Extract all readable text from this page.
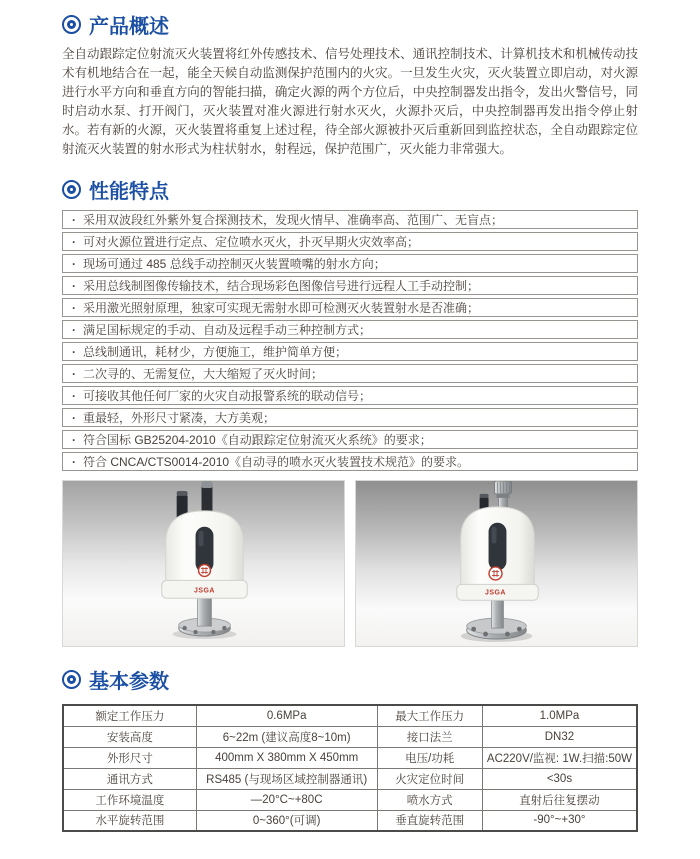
产品概述

全自动跟踪定位射流灭火装置将红外传感技术、信号处理技术、通讯控制技术、计算机技术和机械传动技术有机地结合在一起，能全天候自动监测保护范围内的火灾。一旦发生火灾，灭火装置立即启动，对火源进行水平方向和垂直方向的智能扫描，确定火源的两个方位后，中央控制器发出指令，发出火警信号，同时启动水泵、打开阀门，灭火装置对准火源进行射水灭火，火源扑灭后，中央控制器再发出指令停止射水。若有新的火源，灭火装置将重复上述过程，待全部火源被扑灭后重新回到监控状态，全自动跟踪定位射流灭火装置的射水形式为柱状射水，射程远，保护范围广，灭火能力非常强大。

性能特点
· 采用双波段红外紫外复合探测技术，发现火情早、准确率高、范围广、无盲点；
· 可对火源位置进行定点、定位喷水灭火，扑灭早期火灾效率高；
· 现场可通过 485 总线手动控制灭火装置喷嘴的射水方向；
· 采用总线制图像传输技术，结合现场彩色图像信号进行远程人工手动控制；
· 采用激光照射原理，独家可实现无需射水即可检测灭火装置射水是否准确；
· 满足国标规定的手动、自动及远程手动三种控制方式；
· 总线制通讯，耗材少，方便施工，维护简单方便；
· 二次寻的、无需复位，大大缩短了灭火时间；
· 可接收其他任何厂家的火灾自动报警系统的联动信号；
· 重最轻，外形尺寸紧凑，大方美观；
· 符合国标 GB25204-2010《自动跟踪定位射流灭火系统》的要求；
· 符合 CNCA/CTS0014-2010《自动寻的喷水灭火装置技术规范》的要求。
JSGA	JSGA
基本参数
额定工作压力	0.6MPa	最大工作压力	1.0MPa
安装高度	6~22m (建议高度8~10m)	接口法兰	DN32
外形尺寸	400mm X 380mm X 450mm	电压/功耗	AC220V/监视: 1W.扫描:50W
通讯方式	RS485 (与现场区域控制器通讯)	火灾定位时间	<30s
工作环境温度	—20°C~+80C	喷水方式	直射后往复摆动
水平旋转范围	0~360°(可调)	垂直旋转范围	-90°~+30°
